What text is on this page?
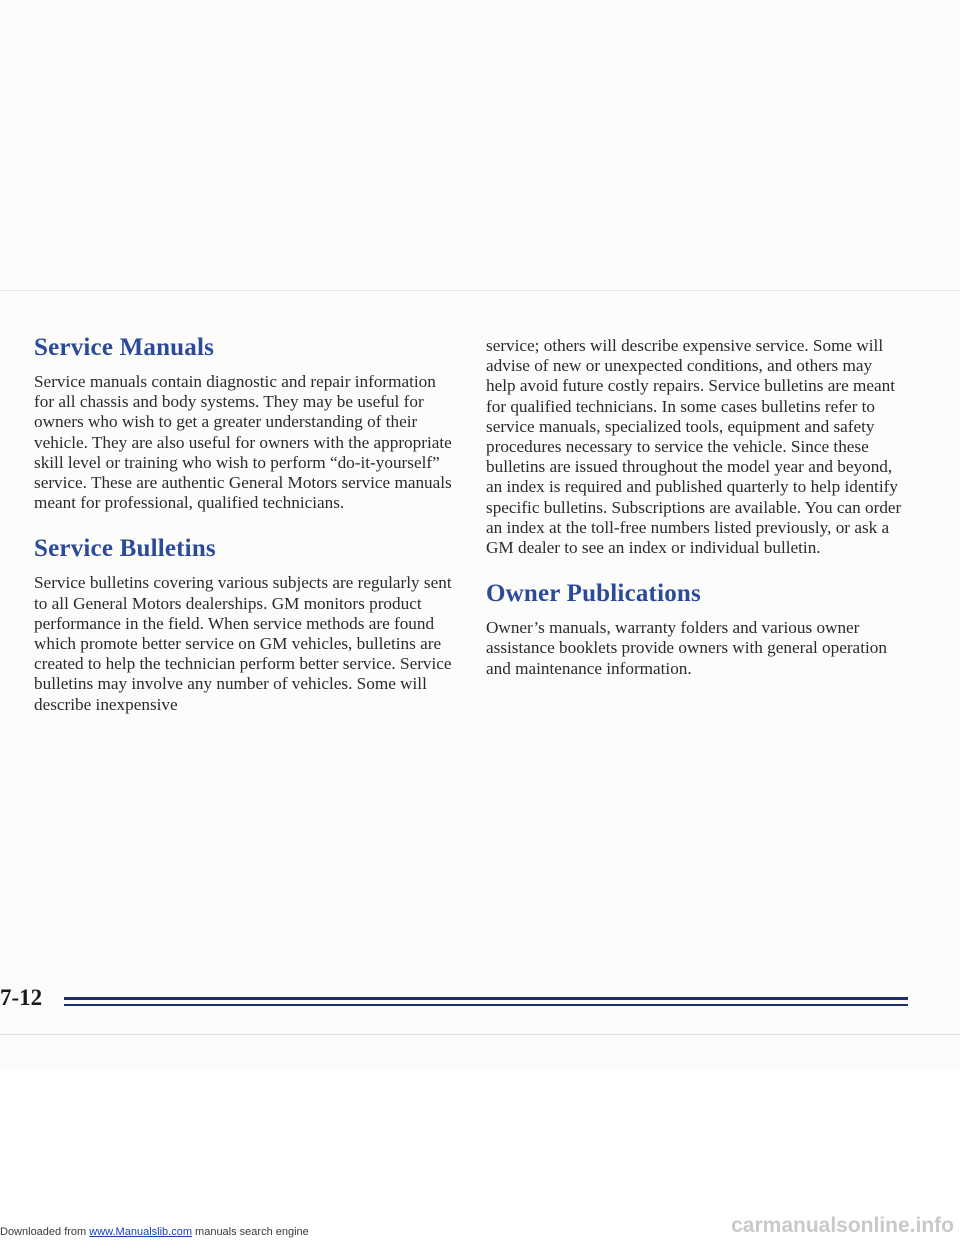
Service Manuals

Service manuals contain diagnostic and repair information for all chassis and body systems. They may be useful for owners who wish to get a greater understanding of their vehicle. They are also useful for owners with the appropriate skill level or training who wish to perform “do-it-yourself” service. These are authentic General Motors service manuals meant for professional, qualified technicians.

Service Bulletins

Service bulletins covering various subjects are regularly sent to all General Motors dealerships. GM monitors product performance in the field. When service methods are found which promote better service on GM vehicles, bulletins are created to help the technician perform better service. Service bulletins may involve any number of vehicles. Some will describe inexpensive

service; others will describe expensive service. Some will advise of new or unexpected conditions, and others may help avoid future costly repairs. Service bulletins are meant for qualified technicians. In some cases bulletins refer to service manuals, specialized tools, equipment and safety procedures necessary to service the vehicle. Since these bulletins are issued throughout the model year and beyond, an index is required and published quarterly to help identify specific bulletins. Subscriptions are available. You can order an index at the toll-free numbers listed previously, or ask a GM dealer to see an index or individual bulletin.

Owner Publications

Owner’s manuals, warranty folders and various owner assistance booklets provide owners with general operation and maintenance information.

7-12
Downloaded from www.Manualslib.com manuals search engine	carmanualsonline.info
